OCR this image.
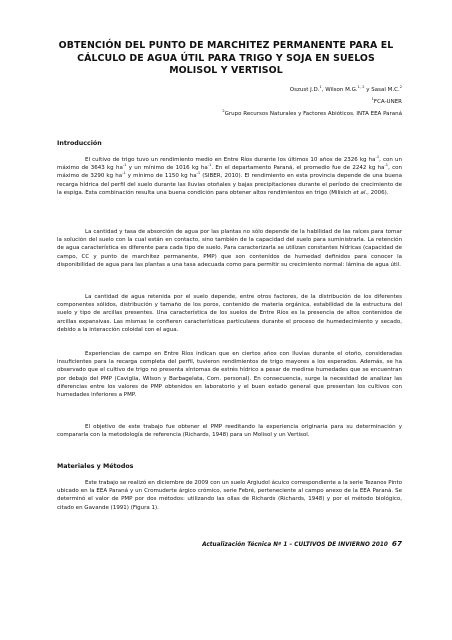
OBTENCIÓN DEL PUNTO DE MARCHITEZ PERMANENTE PARA EL CÁLCULO DE AGUA ÚTIL PARA TRIGO Y SOJA EN SUELOS MOLISOL Y VERTISOL
Oszust J.D.$^1$, Wilson M.G.$^{1, 2}$ y Sasal M.C.$^2$
$^1$FCA-UNER
$^2$Grupo Recursos Naturales y Factores Abióticos. INTA EEA Paraná
Introducción
El cultivo de trigo tuvo un rendimiento medio en Entre Ríos durante los últimos 10 años de 2326 kg $ha^{-1}$, con un máximo de 3643 kg $ha^{-1}$ y un mínimo de 1016 kg $ha^{-1}$. En el departamento Paraná, el promedio fue de 2242 kg $ha^{-1}$, con máximo de 3290 kg $ha^{-1}$ y mínimo de 1150 kg $ha^{-1}$ (SIBER, 2010). El rendimiento en esta provincia depende de una buena recarga hídrica del perfil del suelo durante las lluvias otoñales y bajas precipitaciones durante el período de crecimiento de la espiga. Esta combinación resulta una buena condición para obtener altos rendimientos en trigo (Milisich et al., 2006).
La cantidad y tasa de absorción de agua por las plantas no sólo depende de la habilidad de las raíces para tomar la solución del suelo con la cual están en contacto, sino también de la capacidad del suelo para suministrarla. La retención de agua característica es diferente para cada tipo de suelo. Para caracterizarla se utilizan constantes hídricas (capacidad de campo, CC y punto de marchitez permanente, PMP) que son contenidos de humedad definidos para conocer la disponibilidad de agua para las plantas a una tasa adecuada como para permitir su crecimiento normal: lámina de agua útil.
La cantidad de agua retenida por el suelo depende, entre otros factores, de la distribución de los diferentes componentes sólidos, distribución y tamaño de los poros, contenido de materia orgánica, estabilidad de la estructura del suelo y tipo de arcillas presentes. Una característica de los suelos de Entre Ríos es la presencia de altos contenidos de arcillas expansivas. Las mismas le confieren características particulares durante el proceso de humedecimiento y secado, debido a la interacción coloidal con el agua.
Experiencias de campo en Entre Ríos indican que en ciertos años con lluvias durante el otoño, consideradas insuficientes para la recarga completa del perfil, tuvieron rendimientos de trigo mayores a los esperados. Además, se ha observado que el cultivo de trigo no presenta síntomas de estrés hídrico a pesar de medirse humedades que se encuentran por debajo del PMP (Caviglia, Wilson y Barbagelata, Com. personal). En consecuencia, surge la necesidad de analizar las diferencias entre los valores de PMP obtenidos en laboratorio y el buen estado general que presentan los cultivos con humedades inferiores a PMP.
El objetivo de este trabajo fue obtener el PMP reeditando la experiencia originaria para su determinación y compararla con la metodología de referencia (Richards, 1948) para un Molisol y un Vertisol.
Materiales y Métodos
Este trabajo se realizó en diciembre de 2009 con un suelo Argiudol ácuico correspondiente a la serie Tezanos Pinto ubicado en la EEA Paraná y un Cromuderte árgico crómico, serie Febré, perteneciente al campo anexo de la EEA Paraná. Se determinó el valor de PMP por dos métodos: utilizando las ollas de Richards (Richards, 1948) y por el método biológico, citado en Gavande (1991) (Figura 1).
Actualización Técnica Nº 1 – CULTIVOS DE INVIERNO 2010 67
